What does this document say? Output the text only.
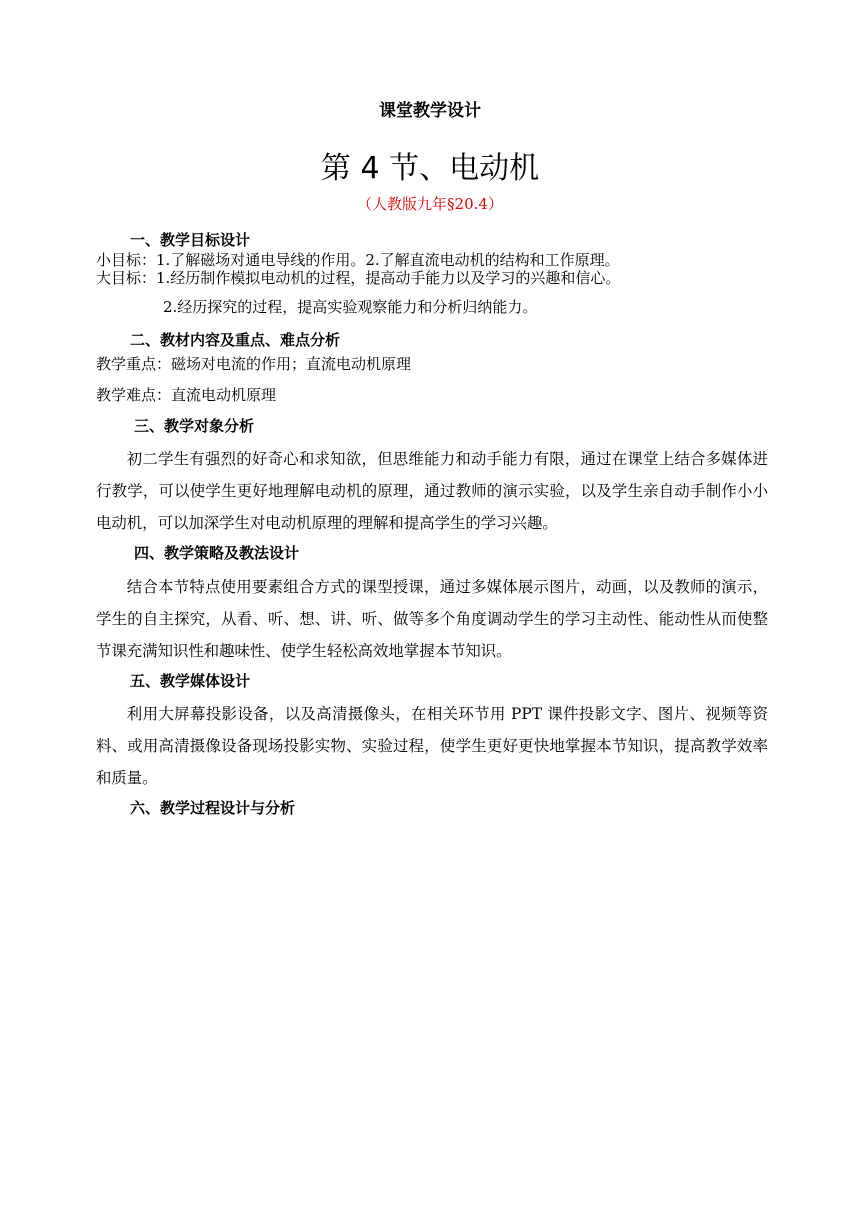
课堂教学设计
第 4 节、电动机
（人教版九年§20.4）
一、教学目标设计
小目标：1.了解磁场对通电导线的作用。2.了解直流电动机的结构和工作原理。
大目标：1.经历制作模拟电动机的过程，提高动手能力以及学习的兴趣和信心。
2.经历探究的过程，提高实验观察能力和分析归纳能力。
二、教材内容及重点、难点分析
教学重点：磁场对电流的作用；直流电动机原理
教学难点：直流电动机原理
三、教学对象分析
初二学生有强烈的好奇心和求知欲，但思维能力和动手能力有限，通过在课堂上结合多媒体进行教学，可以使学生更好地理解电动机的原理，通过教师的演示实验，以及学生亲自动手制作小小电动机，可以加深学生对电动机原理的理解和提高学生的学习兴趣。
四、教学策略及教法设计
结合本节特点使用要素组合方式的课型授课，通过多媒体展示图片，动画，以及教师的演示，学生的自主探究，从看、听、想、讲、听、做等多个角度调动学生的学习主动性、能动性从而使整节课充满知识性和趣味性、使学生轻松高效地掌握本节知识。
五、教学媒体设计
利用大屏幕投影设备，以及高清摄像头，在相关环节用 PPT 课件投影文字、图片、视频等资料、或用高清摄像设备现场投影实物、实验过程，使学生更好更快地掌握本节知识，提高教学效率和质量。
六、教学过程设计与分析
